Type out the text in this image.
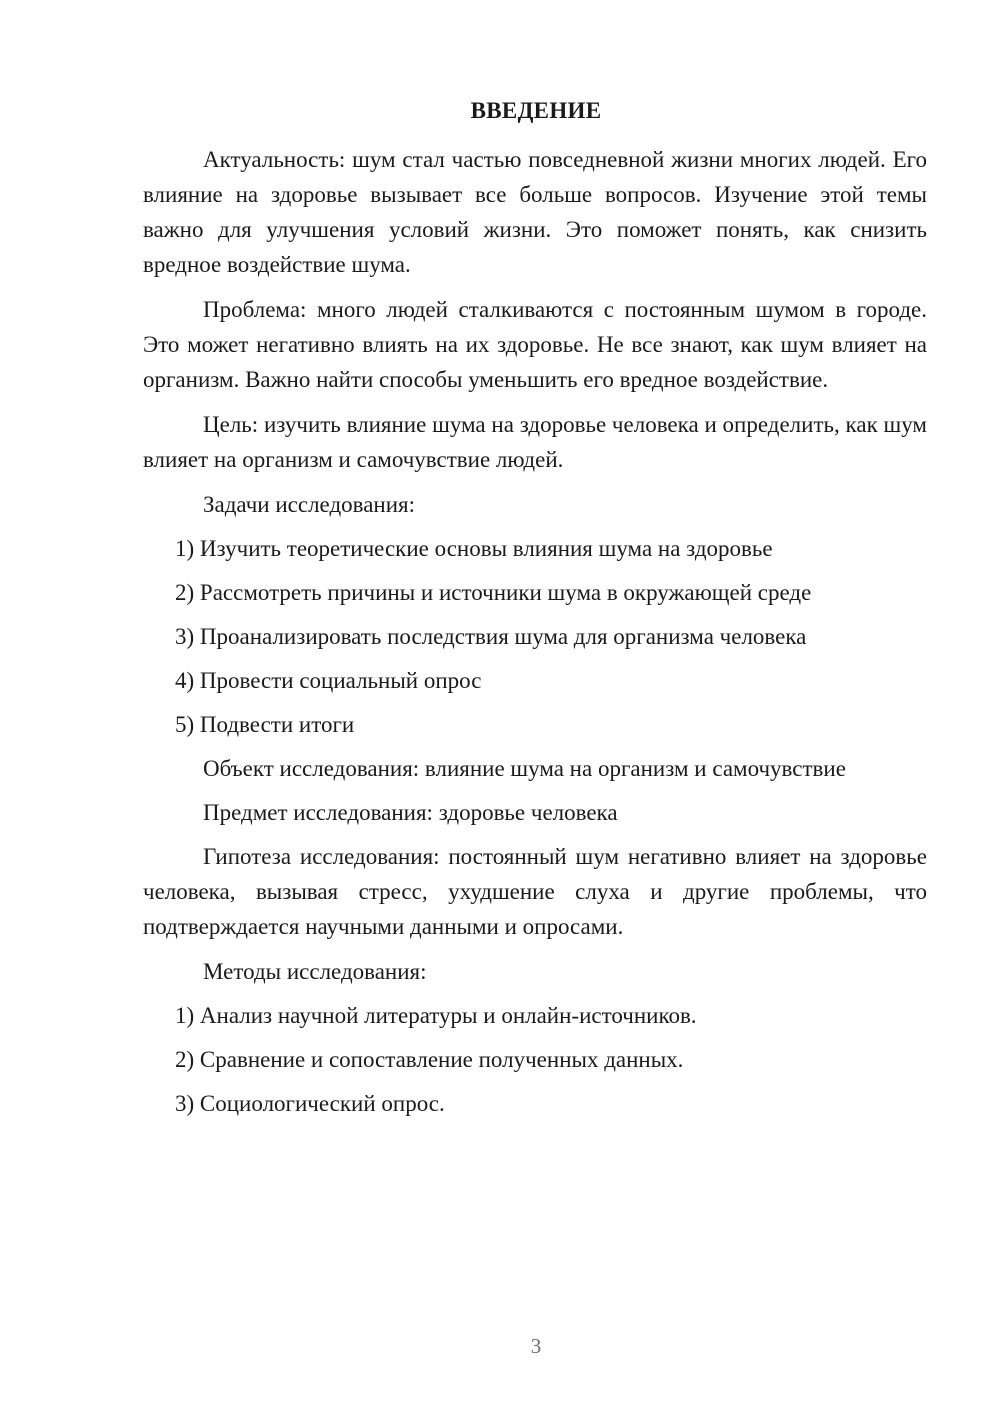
ВВЕДЕНИЕ

Актуальность: шум стал частью повседневной жизни многих людей. Его влияние на здоровье вызывает все больше вопросов. Изучение этой темы важно для улучшения условий жизни. Это поможет понять, как снизить вредное воздействие шума.

Проблема: много людей сталкиваются с постоянным шумом в городе. Это может негативно влиять на их здоровье. Не все знают, как шум влияет на организм. Важно найти способы уменьшить его вредное воздействие.

Цель: изучить влияние шума на здоровье человека и определить, как шум влияет на организм и самочувствие людей.

Задачи исследования:

1) Изучить теоретические основы влияния шума на здоровье

2) Рассмотреть причины и источники шума в окружающей среде

3) Проанализировать последствия шума для организма человека

4) Провести социальный опрос

5) Подвести итоги

Объект исследования: влияние шума на организм и самочувствие

Предмет исследования: здоровье человека

Гипотеза исследования: постоянный шум негативно влияет на здоровье человека, вызывая стресс, ухудшение слуха и другие проблемы, что подтверждается научными данными и опросами.

Методы исследования:

1) Анализ научной литературы и онлайн-источников.

2) Сравнение и сопоставление полученных данных.

3) Социологический опрос.

3
